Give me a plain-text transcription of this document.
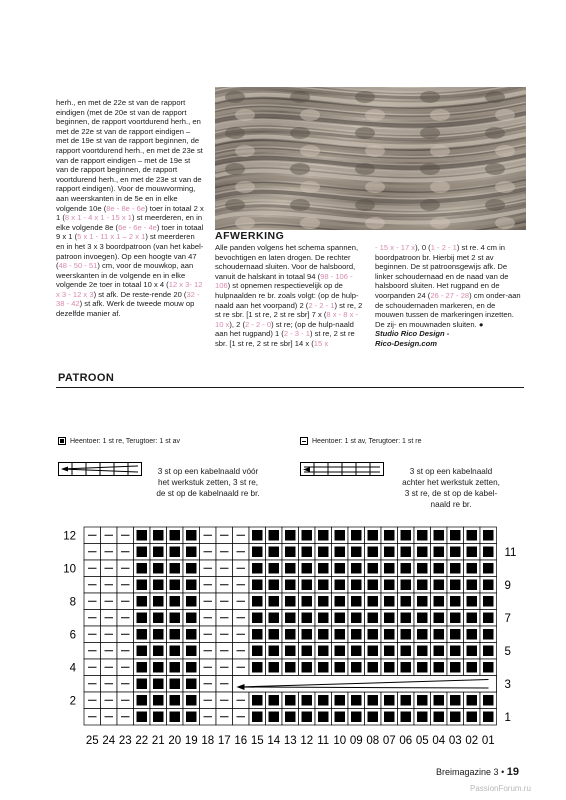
herh., en met de 22e st van de rapport eindigen (met de 20e st van de rapport beginnen, de rapport voortdurend herh., en met de 22e st van de rapport eindigen – met de 19e st van de rapport beginnen, de rapport voortdurend herh., en met de 23e st van de rapport eindigen – met de 19e st van de rapport beginnen, de rapport voortdurend herh., en met de 23e st van de rapport eindigen). Voor de mouwvorming, aan weerskanten in de 5e en in elke volgende 10e (8e - 8e - 6e) toer in totaal 2 x 1 (8 x 1 - 4 x 1 - 15 x 1) st meerderen, en in elke volgende 8e (6e - 6e - 4e) toer in totaal 9 x 1 (5 x 1 - 11 x 1 – 2 x 1) st meerderen en in het 3 x 3 boordpatroon (van het kabel-patroon invoegen). Op een hoogte van 47 (48 - 50 - 51) cm, voor de mouwkop, aan weerskanten in de volgende en in elke volgende 2e toer in totaal 10 x 4 (12 x 3- 12 x 3 - 12 x 3) st afk. De reste-rende 20 (32 - 38 - 42) st afk. Werk de tweede mouw op dezelfde manier af.

AFWERKING

Alle panden volgens het schema spannen, bevochtigen en laten drogen. De rechter schoudernaad sluiten. Voor de halsboord, vanuit de halskant in totaal 94 (98 - 106 - 106) st opnemen respectievelijk op de hulpnaalden re br. zoals volgt: (op de hulp-naald aan het voorpand) 2 (2 - 2 - 1) st re, 2 st re sbr. [1 st re, 2 st re sbr] 7 x (8 x - 8 x - 10 x), 2 (2 - 2 - 0) st re; (op de hulp-naald aan het rugpand) 1 (2 - 3 - 1) st re, 2 st re sbr. [1 st re, 2 st re sbr] 14 x (15 x

- 15 x - 17 x), 0 (1 - 2 - 1) st re. 4 cm in boordpatroon br. Hierbij met 2 st av beginnen. De st patroonsgewijs afk. De linker schoudernaad en de naad van de halsboord sluiten. Het rugpand en de voorpanden 24 (26 - 27 - 28) cm onder-aan de schoudernaden markeren, en de mouwen tussen de markeringen inzetten. De zij- en mouwnaden sluiten. ●

Studio Rico Design -
Rico-Design.com

PATROON
Heentoer: 1 st re, Terugtoer: 1 st av	Heentoer: 1 st av, Terugtoer: 1 st re
3 st op een kabelnaald vóór
het werkstuk zetten, 3 st re,
de st op de kabelnaald re br.
3 st op een kabelnaald
achter het werkstuk zetten,
3 st re, de st op de kabel-
naald re br.
25 24 23 22 21 20 19 18 17 16 15 14 13 12 11 10 09 08 07 06 05 04 03 02 01
12
10
8
6
4
2
11
9
7
5
3
1
Breimagazine 3 • 19
PassionForum.ru
